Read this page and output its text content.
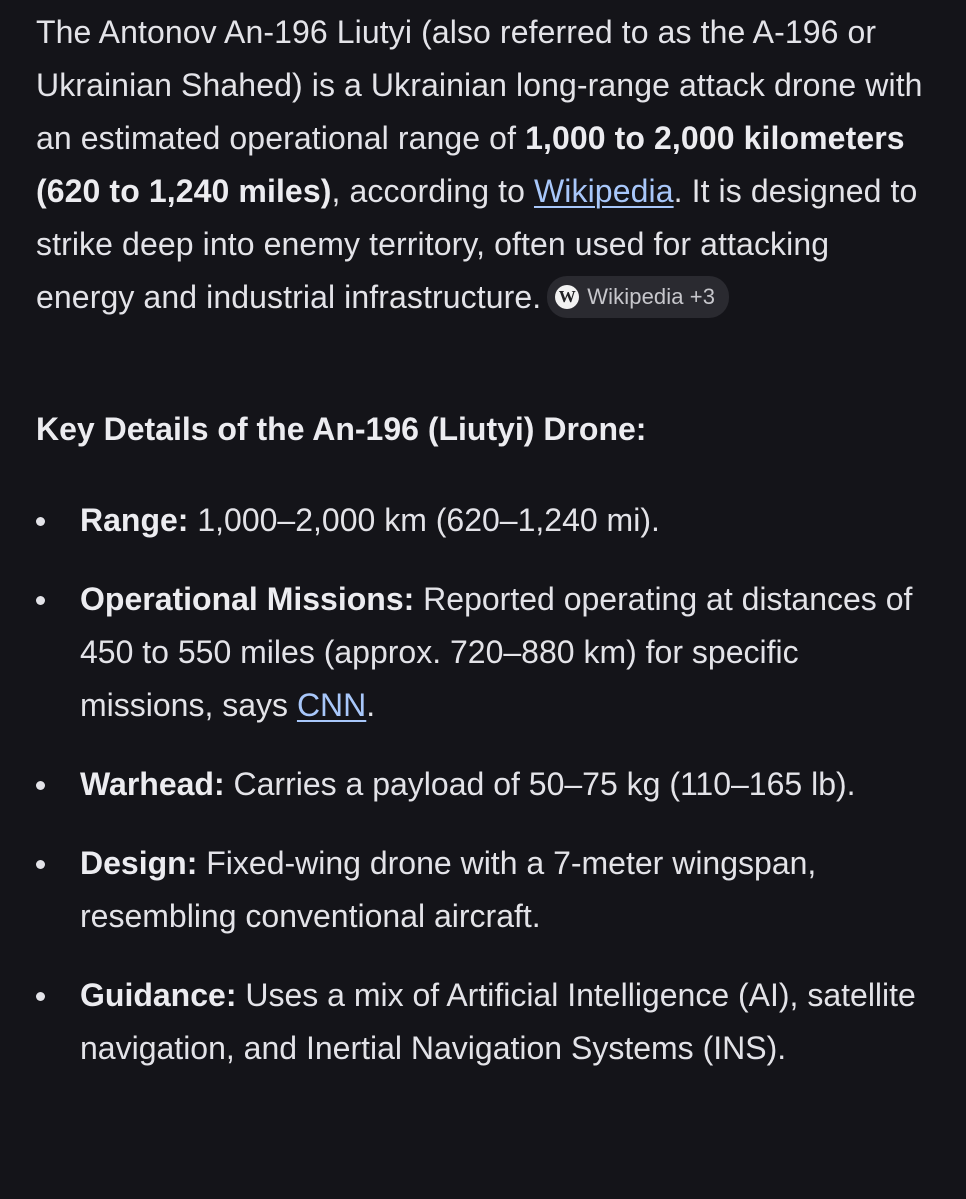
The Antonov An-196 Liutyi (also referred to as the A-196 or Ukrainian Shahed) is a Ukrainian long-range attack drone with an estimated operational range of 1,000 to 2,000 kilometers (620 to 1,240 miles), according to Wikipedia. It is designed to strike deep into enemy territory, often used for attacking energy and industrial infrastructure. W Wikipedia +3

Key Details of the An-196 (Liutyi) Drone:
Range: 1,000–2,000 km (620–1,240 mi).
Operational Missions: Reported operating at distances of 450 to 550 miles (approx. 720–880 km) for specific missions, says CNN.
Warhead: Carries a payload of 50–75 kg (110–165 lb).
Design: Fixed-wing drone with a 7-meter wingspan, resembling conventional aircraft.
Guidance: Uses a mix of Artificial Intelligence (AI), satellite navigation, and Inertial Navigation Systems (INS).
